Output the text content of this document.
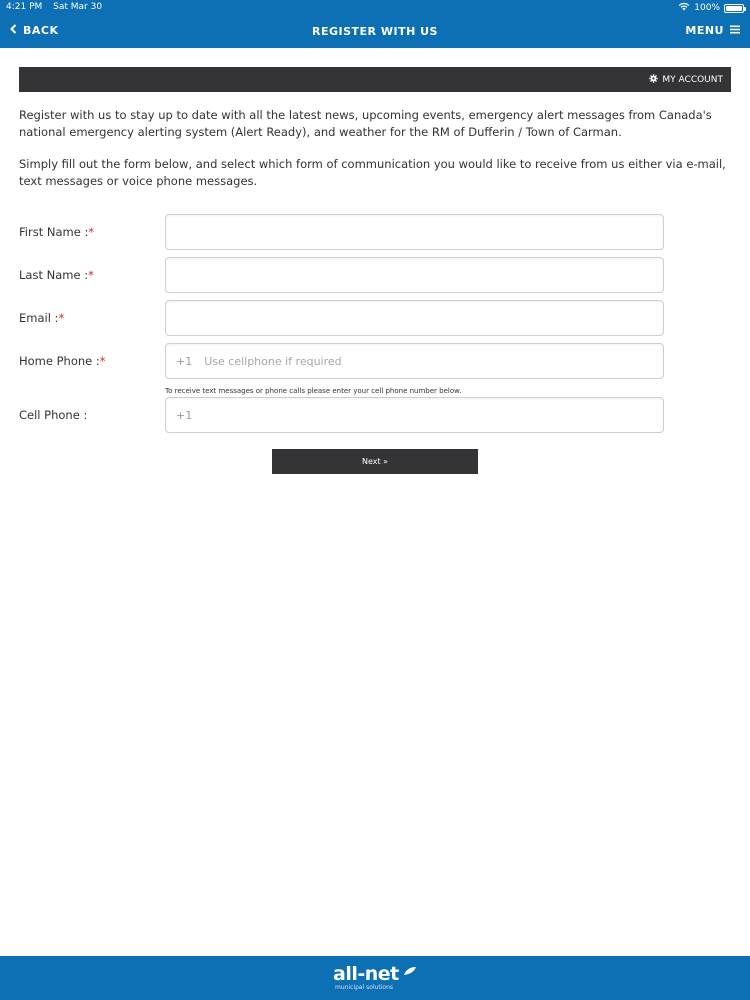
4:21 PM Sat Mar 30	100%
BACK	REGISTER WITH US	MENU
MY ACCOUNT

Register with us to stay up to date with all the latest news, upcoming events, emergency alert messages from Canada's national emergency alerting system (Alert Ready), and weather for the RM of Dufferin / Town of Carman.

Simply fill out the form below, and select which form of communication you would like to receive from us either via e-mail, text messages or voice phone messages.

First Name :*
Last Name :*
Email :*
Home Phone :*	+1
Use cellphone if required
To receive text messages or phone calls please enter your cell phone number below.
Cell Phone :	+1
Next »
all-net
municipal solutions
